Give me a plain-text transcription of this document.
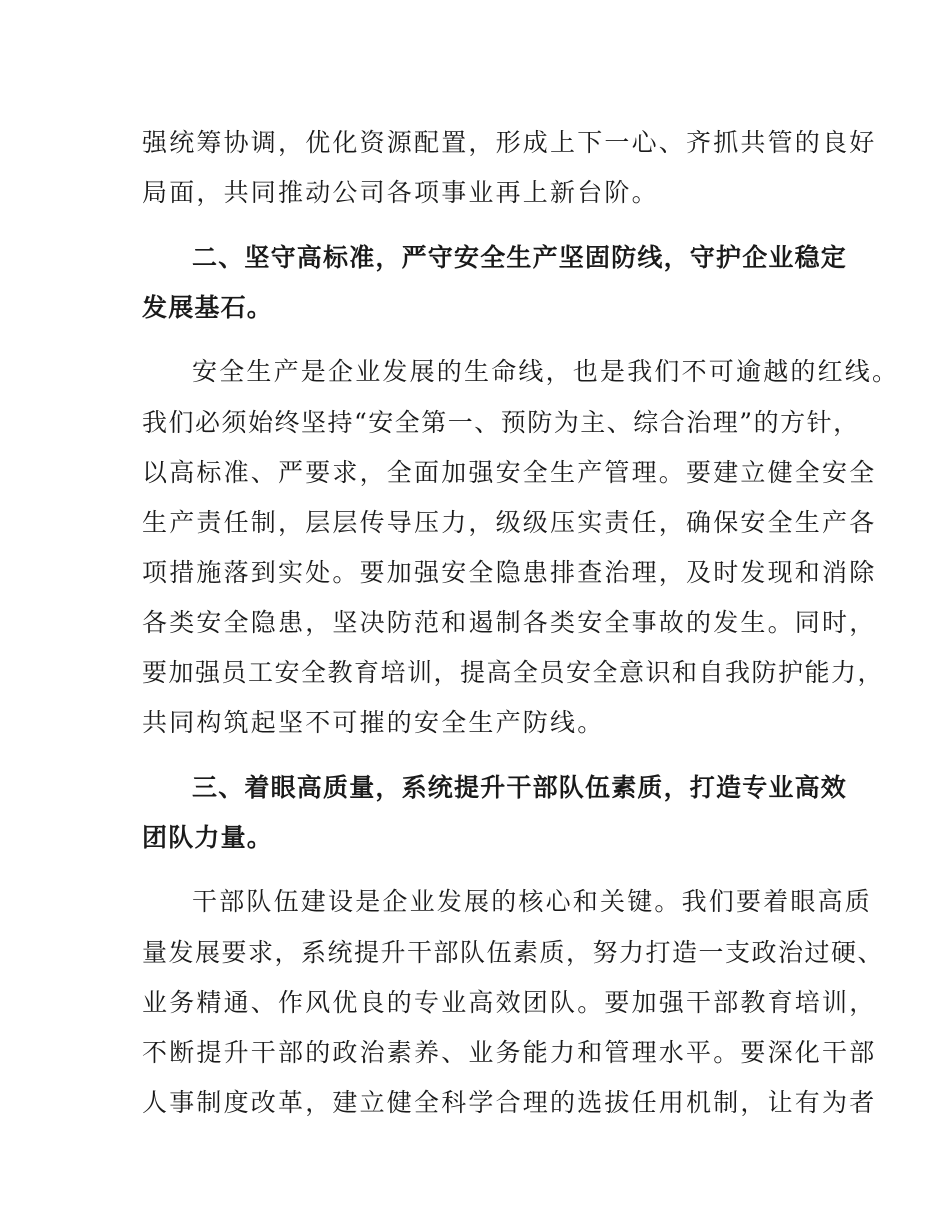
强统筹协调，优化资源配置，形成上下一心、齐抓共管的良好
局面，共同推动公司各项事业再上新台阶。
二、坚守高标准，严守安全生产坚固防线，守护企业稳定
发展基石。
安全生产是企业发展的生命线，也是我们不可逾越的红线。
我们必须始终坚持“安全第一、预防为主、综合治理”的方针，
以高标准、严要求，全面加强安全生产管理。要建立健全安全
生产责任制，层层传导压力，级级压实责任，确保安全生产各
项措施落到实处。要加强安全隐患排查治理，及时发现和消除
各类安全隐患，坚决防范和遏制各类安全事故的发生。同时，
要加强员工安全教育培训，提高全员安全意识和自我防护能力，
共同构筑起坚不可摧的安全生产防线。
三、着眼高质量，系统提升干部队伍素质，打造专业高效
团队力量。
干部队伍建设是企业发展的核心和关键。我们要着眼高质
量发展要求，系统提升干部队伍素质，努力打造一支政治过硬、
业务精通、作风优良的专业高效团队。要加强干部教育培训，
不断提升干部的政治素养、业务能力和管理水平。要深化干部
人事制度改革，建立健全科学合理的选拔任用机制，让有为者
